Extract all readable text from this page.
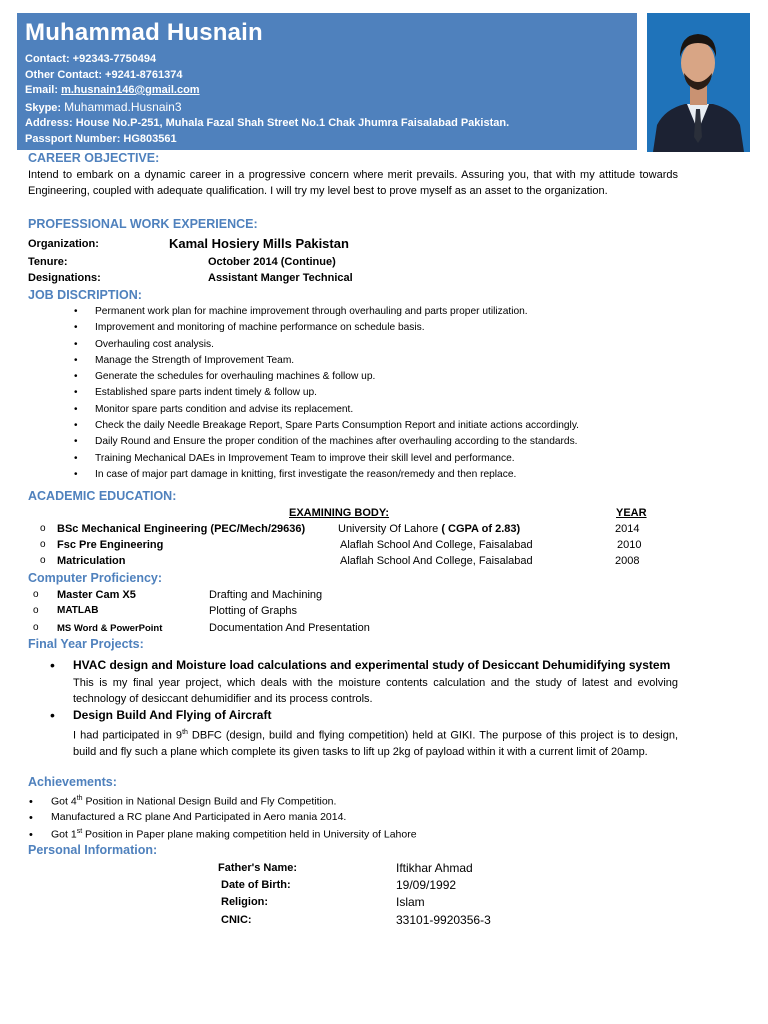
Muhammad Husnain
Contact: +92343-7750494
Other Contact: +9241-8761374
Email: m.husnain146@gmail.com
Skype: Muhammad.Husnain3
Address: House No.P-251, Muhala Fazal Shah Street No.1 Chak Jhumra Faisalabad Pakistan.
Passport Number: HG803561
CAREER OBJECTIVE:
Intend to embark on a dynamic career in a progressive concern where merit prevails. Assuring you, that with my attitude towards Engineering, coupled with adequate qualification. I will try my level best to prove myself as an asset to the organization.
PROFESSIONAL WORK EXPERIENCE:
Organization:	Kamal Hosiery Mills Pakistan
Tenure:	October 2014 (Continue)
Designations:	Assistant Manger Technical
JOB DISCRIPTION:
• Permanent work plan for machine improvement through overhauling and parts proper utilization.
• Improvement and monitoring of machine performance on schedule basis.
• Overhauling cost analysis.
• Manage the Strength of Improvement Team.
• Generate the schedules for overhauling machines & follow up.
• Established spare parts indent timely & follow up.
• Monitor spare parts condition and advise its replacement.
• Check the daily Needle Breakage Report, Spare Parts Consumption Report and initiate actions accordingly.
• Daily Round and Ensure the proper condition of the machines after overhauling according to the standards.
• Training Mechanical DAEs in Improvement Team to improve their skill level and performance.
• In case of major part damage in knitting, first investigate the reason/remedy and then replace.
ACADEMIC EDUCATION:
EXAMINING BODY:	YEAR
o BSc Mechanical Engineering (PEC/Mech/29636)	University Of Lahore ( CGPA of 2.83)	2014
o Fsc Pre Engineering	Alaflah School And College, Faisalabad	2010
o Matriculation	Alaflah School And College, Faisalabad	2008
Computer Proficiency:
o Master Cam X5	Drafting and Machining
o MATLAB	Plotting of Graphs
o MS Word & PowerPoint	Documentation And Presentation
Final Year Projects:
• HVAC design and Moisture load calculations and experimental study of Desiccant Dehumidifying system
This is my final year project, which deals with the moisture contents calculation and the study of latest and evolving technology of desiccant dehumidifier and its process controls.
• Design Build And Flying of Aircraft
I had participated in 9th DBFC (design, build and flying competition) held at GIKI. The purpose of this project is to design, build and fly such a plane which complete its given tasks to lift up 2kg of payload within it with a current limit of 20amp.
Achievements:
• Got 4th Position in National Design Build and Fly Competition.
• Manufactured a RC plane And Participated in Aero mania 2014.
• Got 1st Position in Paper plane making competition held in University of Lahore
Personal Information:
Father's Name:	Iftikhar Ahmad
Date of Birth:	19/09/1992
Religion:	Islam
CNIC:	33101-9920356-3
